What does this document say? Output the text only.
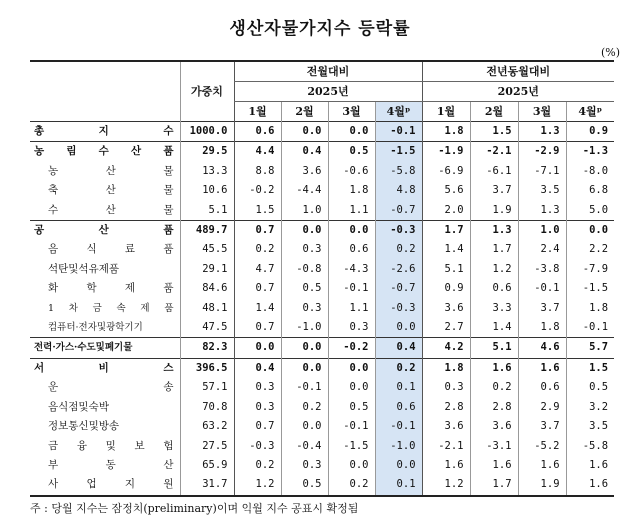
생산자물가지수 등락률
(%)
	가중치	전월대비				전년동월대비			
		2025년				2025년			
		1월	2월	3월	4월ᵖ	1월	2월	3월	4월ᵖ
총 지 수	1000.0	0.6	0.0	0.0	-0.1	1.8	1.5	1.3	0.9
농 림 수 산 품	29.5	4.4	0.4	0.5	-1.5	-1.9	-2.1	-2.9	-1.3
농 산 물	13.3	8.8	3.6	-0.6	-5.8	-6.9	-6.1	-7.1	-8.0
축 산 물	10.6	-0.2	-4.4	1.8	4.8	5.6	3.7	3.5	6.8
수 산 물	5.1	1.5	1.0	1.1	-0.7	2.0	1.9	1.3	5.0
공 산 품	489.7	0.7	0.0	0.0	-0.3	1.7	1.3	1.0	0.0
음 식 료 품	45.5	0.2	0.3	0.6	0.2	1.4	1.7	2.4	2.2
석탄및석유제품	29.1	4.7	-0.8	-4.3	-2.6	5.1	1.2	-3.8	-7.9
화 학 제 품	84.6	0.7	0.5	-0.1	-0.7	0.9	0.6	-0.1	-1.5
1 차 금 속 제 품	48.1	1.4	0.3	1.1	-0.3	3.6	3.3	3.7	1.8
컴퓨터·전자및광학기기	47.5	0.7	-1.0	0.3	0.0	2.7	1.4	1.8	-0.1
전력·가스·수도및폐기물	82.3	0.0	0.0	-0.2	0.4	4.2	5.1	4.6	5.7
서 비 스	396.5	0.4	0.0	0.0	0.2	1.8	1.6	1.6	1.5
운 송	57.1	0.3	-0.1	0.0	0.1	0.3	0.2	0.6	0.5
음식점및숙박	70.8	0.3	0.2	0.5	0.6	2.8	2.8	2.9	3.2
정보통신및방송	63.2	0.7	0.0	-0.1	-0.1	3.6	3.6	3.7	3.5
금 융 및 보 험	27.5	-0.3	-0.4	-1.5	-1.0	-2.1	-3.1	-5.2	-5.8
부 동 산	65.9	0.2	0.3	0.0	0.0	1.6	1.6	1.6	1.6
사 업 지 원	31.7	1.2	0.5	0.2	0.1	1.2	1.7	1.9	1.6
주 : 당월 지수는 잠정치(preliminary)이며 익월 지수 공표시 확정됨
